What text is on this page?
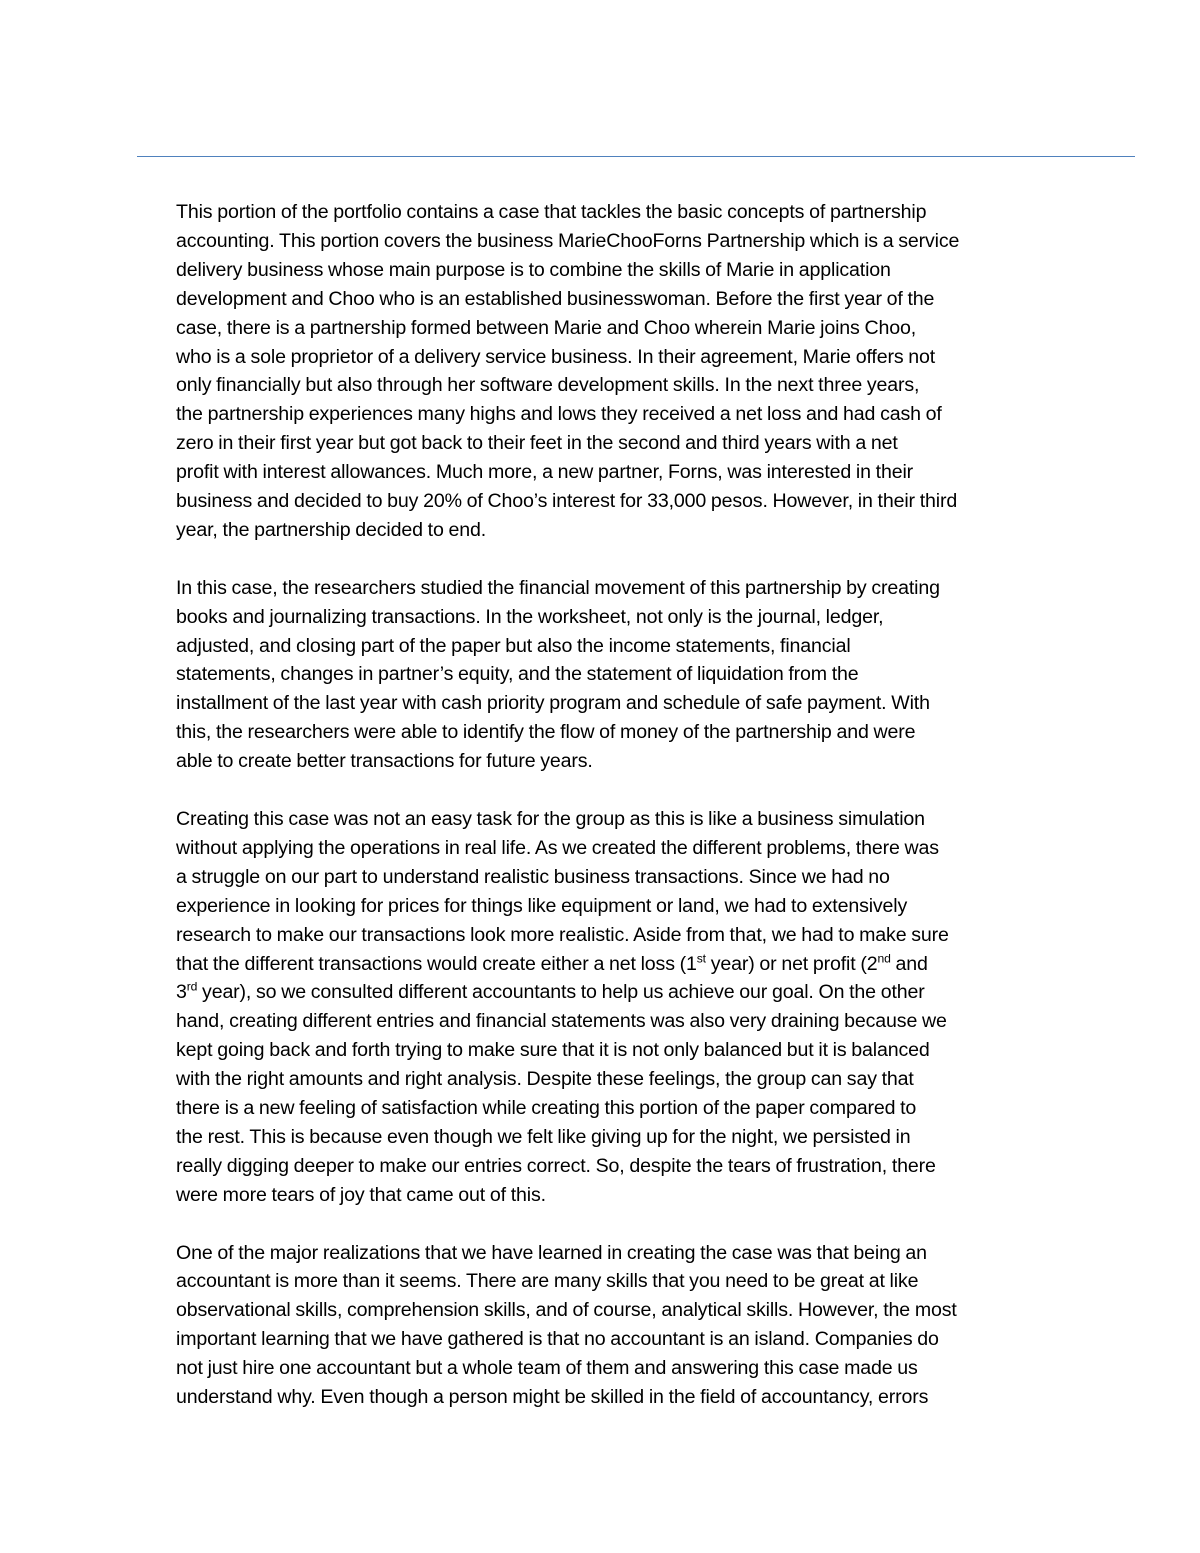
This portion of the portfolio contains a case that tackles the basic concepts of partnership
accounting. This portion covers the business MarieChooForns Partnership which is a service
delivery business whose main purpose is to combine the skills of Marie in application
development and Choo who is an established businesswoman. Before the first year of the
case, there is a partnership formed between Marie and Choo wherein Marie joins Choo,
who is a sole proprietor of a delivery service business. In their agreement, Marie offers not
only financially but also through her software development skills. In the next three years,
the partnership experiences many highs and lows they received a net loss and had cash of
zero in their first year but got back to their feet in the second and third years with a net
profit with interest allowances. Much more, a new partner, Forns, was interested in their
business and decided to buy 20% of Choo’s interest for 33,000 pesos. However, in their third
year, the partnership decided to end.
In this case, the researchers studied the financial movement of this partnership by creating
books and journalizing transactions. In the worksheet, not only is the journal, ledger,
adjusted, and closing part of the paper but also the income statements, financial
statements, changes in partner’s equity, and the statement of liquidation from the
installment of the last year with cash priority program and schedule of safe payment. With
this, the researchers were able to identify the flow of money of the partnership and were
able to create better transactions for future years.
Creating this case was not an easy task for the group as this is like a business simulation
without applying the operations in real life. As we created the different problems, there was
a struggle on our part to understand realistic business transactions. Since we had no
experience in looking for prices for things like equipment or land, we had to extensively
research to make our transactions look more realistic. Aside from that, we had to make sure
that the different transactions would create either a net loss (1st year) or net profit (2nd and
3rd year), so we consulted different accountants to help us achieve our goal. On the other
hand, creating different entries and financial statements was also very draining because we
kept going back and forth trying to make sure that it is not only balanced but it is balanced
with the right amounts and right analysis. Despite these feelings, the group can say that
there is a new feeling of satisfaction while creating this portion of the paper compared to
the rest. This is because even though we felt like giving up for the night, we persisted in
really digging deeper to make our entries correct. So, despite the tears of frustration, there
were more tears of joy that came out of this.
One of the major realizations that we have learned in creating the case was that being an
accountant is more than it seems. There are many skills that you need to be great at like
observational skills, comprehension skills, and of course, analytical skills. However, the most
important learning that we have gathered is that no accountant is an island. Companies do
not just hire one accountant but a whole team of them and answering this case made us
understand why. Even though a person might be skilled in the field of accountancy, errors
